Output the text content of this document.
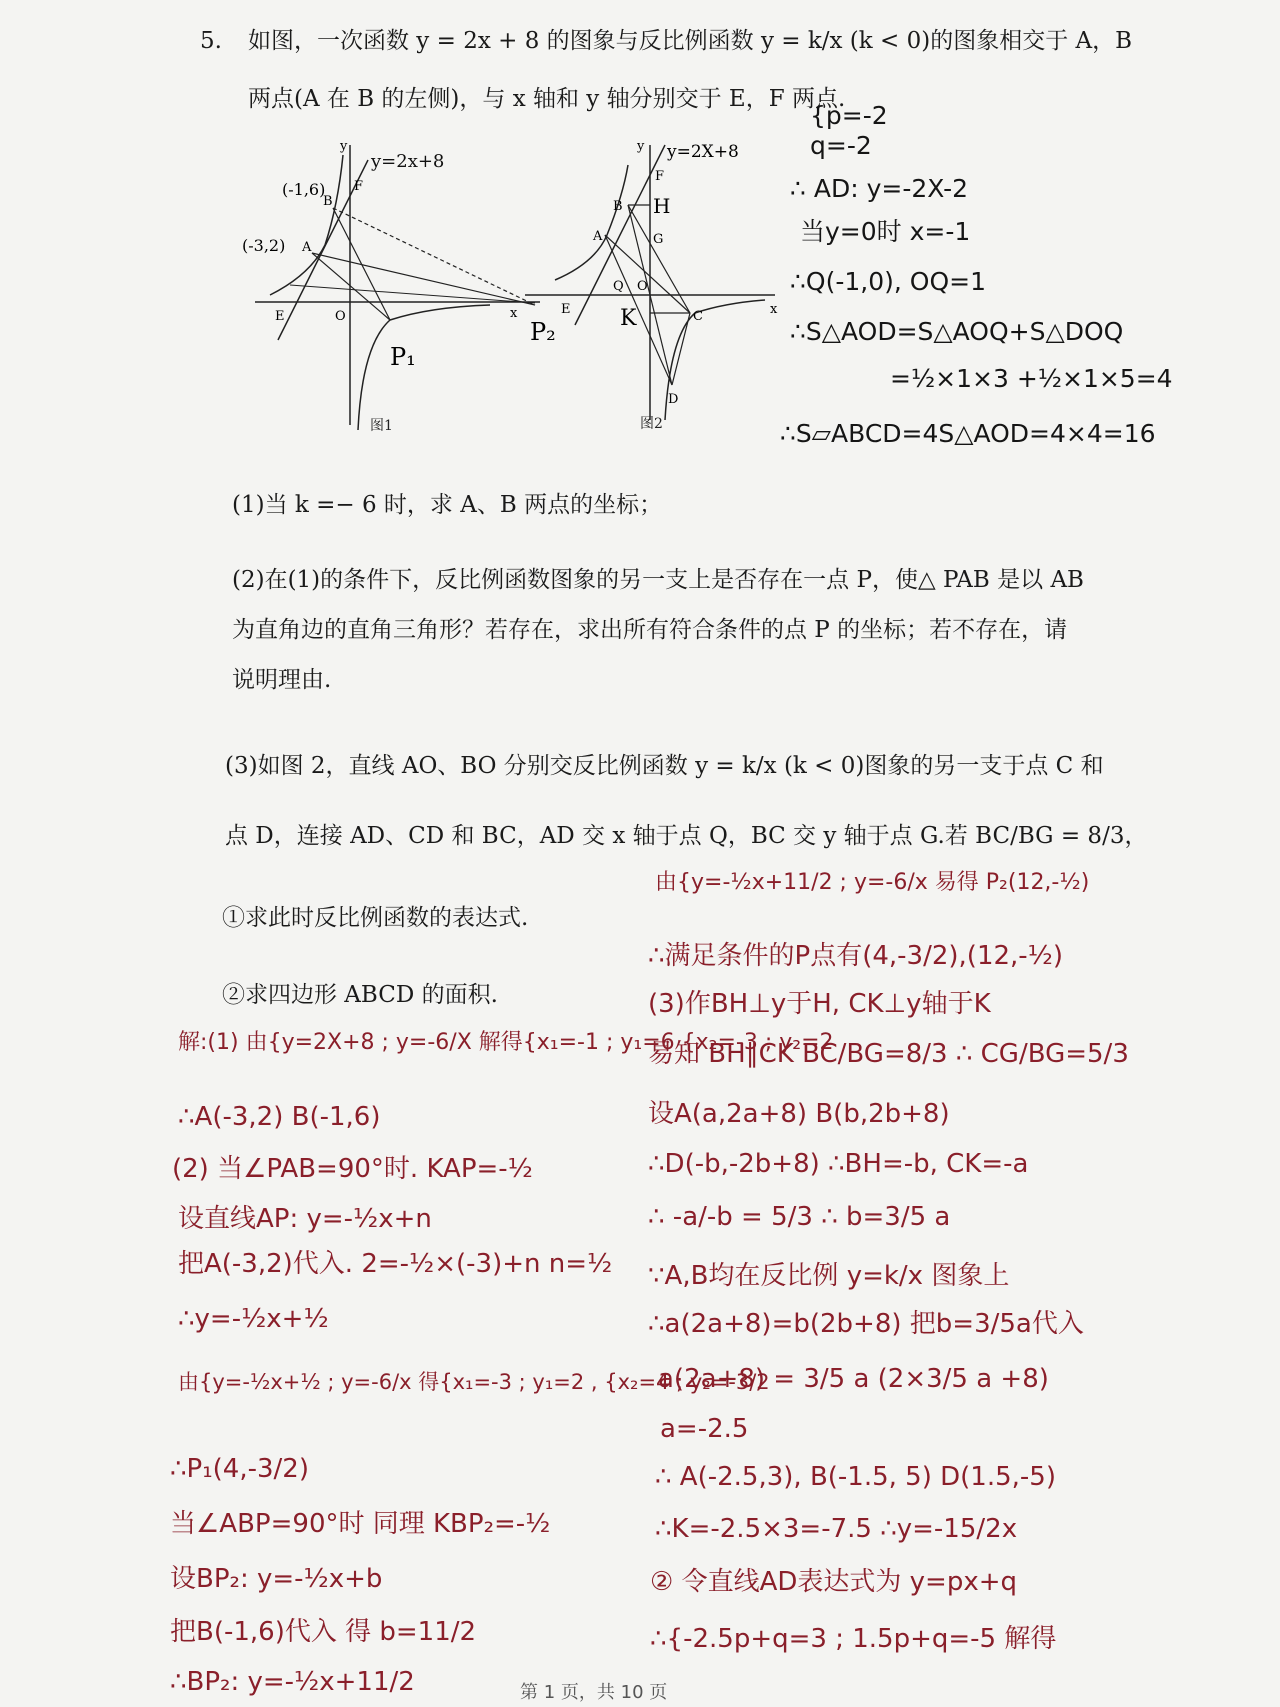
5. 如图，一次函数 y = 2x + 8 的图象与反比例函数 y = k/x (k < 0)的图象相交于 A，B
两点(A 在 B 的左侧)，与 x 轴和 y 轴分别交于 E，F 两点.
y=2x+8
y
x
F
B
A
E	O
(-1,6)
(-3,2)
P₁
P₂
图1
y=2X+8
y
x
F
B H
A	G
E
Q O
K	C
D
图2
{p=-2
q=-2
∴ AD: y=-2X-2
当y=0时 x=-1
∴Q(-1,0), OQ=1
∴S△AOD=S△AOQ+S△DOQ
=½×1×3 +½×1×5=4
∴S▱ABCD=4S△AOD=4×4=16
(1)当 k =− 6 时，求 A、B 两点的坐标；
(2)在(1)的条件下，反比例函数图象的另一支上是否存在一点 P，使△ PAB 是以 AB
为直角边的直角三角形？若存在，求出所有符合条件的点 P 的坐标；若不存在，请
说明理由.
(3)如图 2，直线 AO、BO 分别交反比例函数 y = k/x (k < 0)图象的另一支于点 C 和
点 D，连接 AD、CD 和 BC，AD 交 x 轴于点 Q，BC 交 y 轴于点 G.若 BC/BG = 8/3，
①求此时反比例函数的表达式.
②求四边形 ABCD 的面积.
解:(1) 由{y=2X+8 ; y=-6/X 解得{x₁=-1 ; y₁=6 {x₂=-3 ; y₂=2
∴A(-3,2) B(-1,6)
(2) 当∠PAB=90°时. KAP=-½
设直线AP: y=-½x+n
把A(-3,2)代入. 2=-½×(-3)+n n=½
∴y=-½x+½
由{y=-½x+½ ; y=-6/x 得{x₁=-3 ; y₁=2 , {x₂=4 ; y₂=-3/2
∴P₁(4,-3/2)
当∠ABP=90°时 同理 KBP₂=-½
设BP₂: y=-½x+b
把B(-1,6)代入 得 b=11/2
∴BP₂: y=-½x+11/2
由{y=-½x+11/2 ; y=-6/x 易得 P₂(12,-½)
∴满足条件的P点有(4,-3/2),(12,-½)
(3)作BH⊥y于H, CK⊥y轴于K
易知 BH∥CK BC/BG=8/3 ∴ CG/BG=5/3
设A(a,2a+8) B(b,2b+8)
∴D(-b,-2b+8) ∴BH=-b, CK=-a
∴ -a/-b = 5/3 ∴ b=3/5 a
∵A,B均在反比例 y=k/x 图象上
∴a(2a+8)=b(2b+8) 把b=3/5a代入
a(2a+8) = 3/5 a (2×3/5 a +8)
a=-2.5
∴ A(-2.5,3), B(-1.5, 5) D(1.5,-5)
∴K=-2.5×3=-7.5 ∴y=-15/2x
② 令直线AD表达式为 y=px+q
∴{-2.5p+q=3 ; 1.5p+q=-5 解得
第 1 页，共 10 页
